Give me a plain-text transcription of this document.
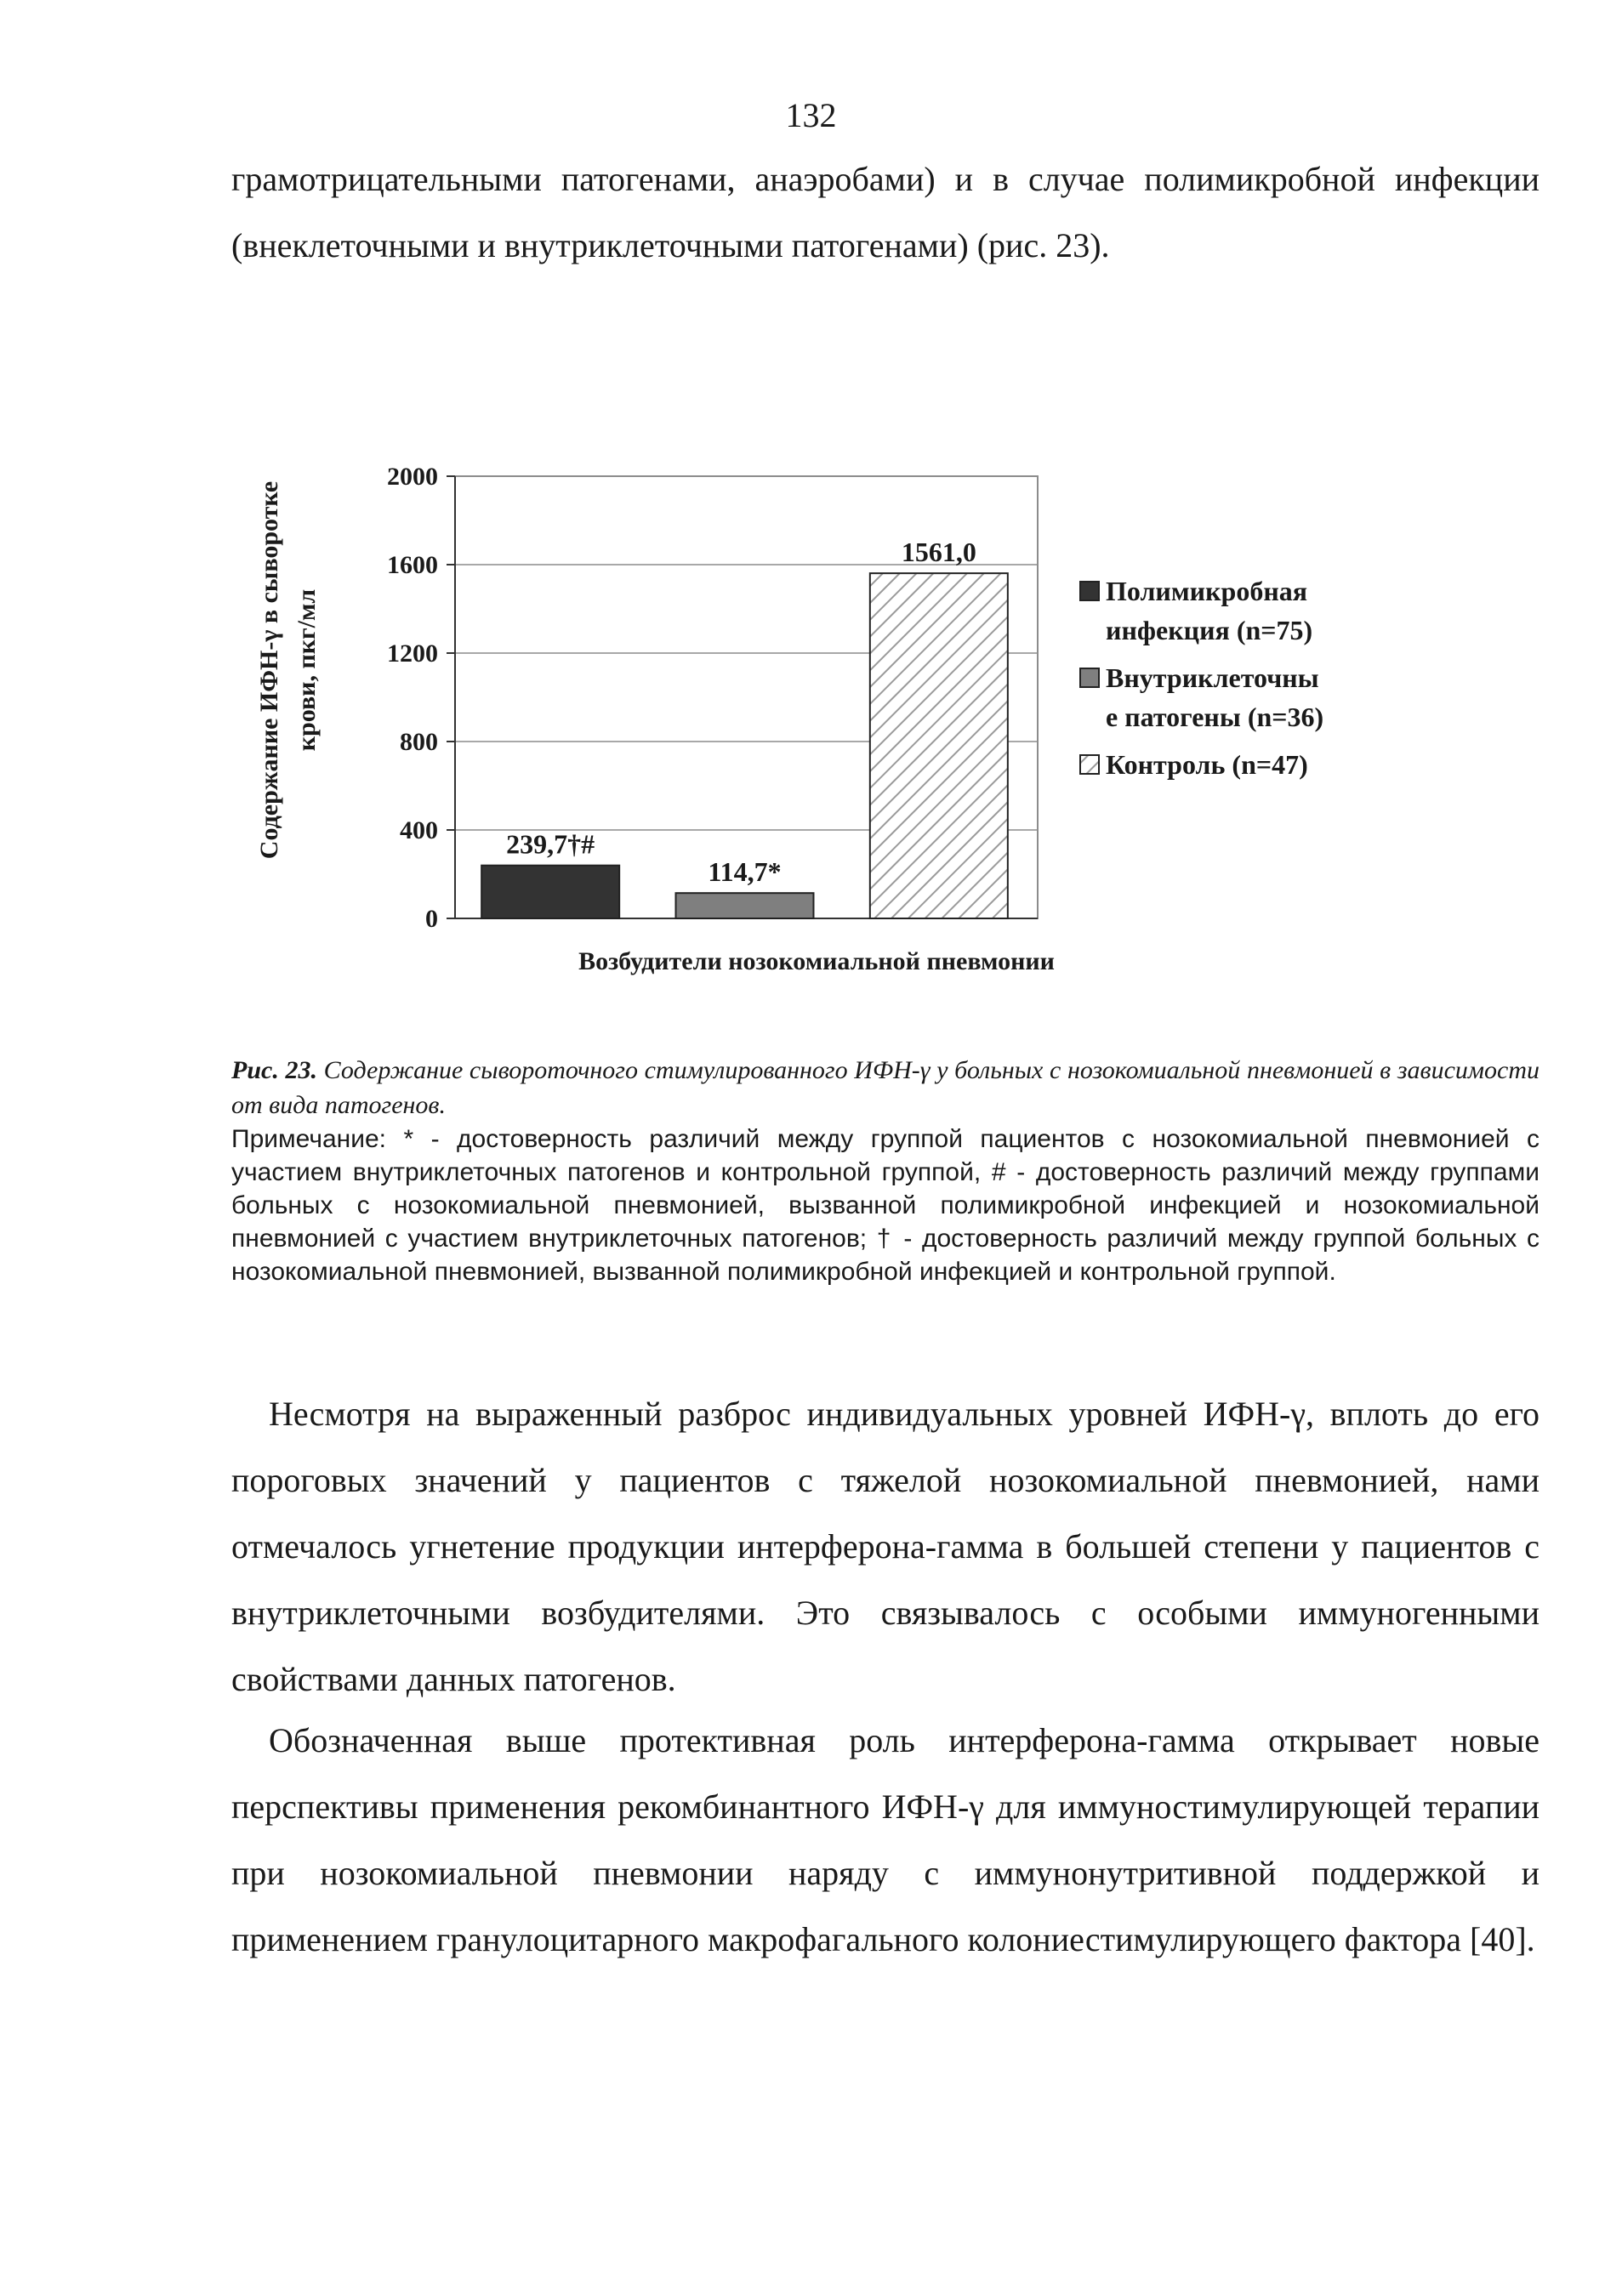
132

грамотрицательными патогенами, анаэробами) и в случае полимикробной инфекции (внеклеточными и внутриклеточными патогенами) (рис. 23).

0
400
800
1200
1600
2000
239,7†#
114,7*
1561,0
Полимикробная
инфекция (n=75)
Внутриклеточны
е патогены (n=36)
Контроль (n=47)
Возбудители нозокомиальной пневмонии
Содержание ИФН-γ в сыворотке крови, пкг/мл

Рис. 23. Содержание сывороточного стимулированного ИФН-γ у больных с нозокомиальной пневмонией в зависимости от вида патогенов.

Примечание: * - достоверность различий между группой пациентов с нозокомиальной пневмонией с участием внутриклеточных патогенов и контрольной группой, # - достоверность различий между группами больных с нозокомиальной пневмонией, вызванной полимикробной инфекцией и нозокомиальной пневмонией с участием внутриклеточных патогенов; † - достоверность различий между группой больных с нозокомиальной пневмонией, вызванной полимикробной инфекцией и контрольной группой.

Несмотря на выраженный разброс индивидуальных уровней ИФН-γ, вплоть до его пороговых значений у пациентов с тяжелой нозокомиальной пневмонией, нами отмечалось угнетение продукции интерферона-гамма в большей степени у пациентов с внутриклеточными возбудителями. Это связывалось с особыми иммуногенными свойствами данных патогенов.

Обозначенная выше протективная роль интерферона-гамма открывает новые перспективы применения рекомбинантного ИФН-γ для иммуностимулирующей терапии при нозокомиальной пневмонии наряду с иммунонутритивной поддержкой и применением гранулоцитарного макрофагального колониестимулирующего фактора [40].
